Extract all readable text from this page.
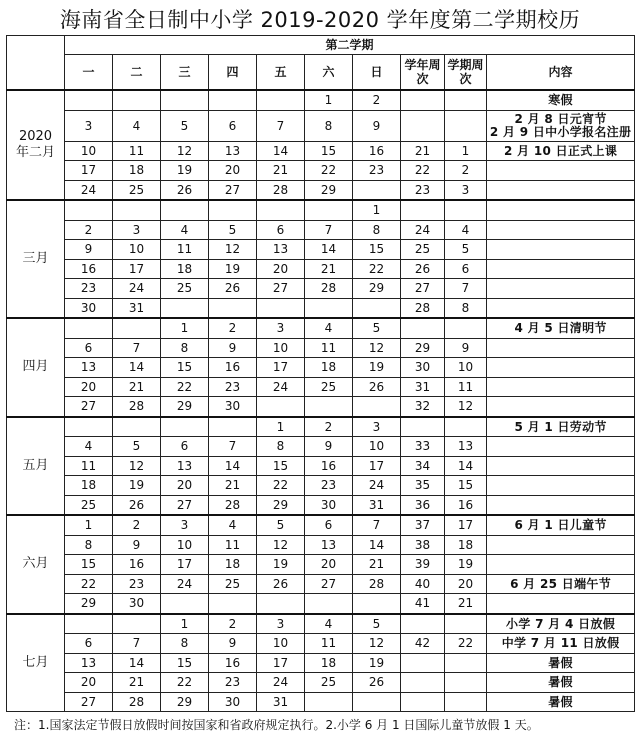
海南省全日制中小学 2019-2020 学年度第二学期校历
	第二学期									
	一	二	三	四	五	六	日	学年周次	学期周次	内容
2020 年二月						1	2			寒假
	3	4	5	6	7	8	9			2 月 8 日元宵节
2 月 9 日中小学报名注册

	10	11	12	13	14	15	16	21	1	2 月 10 日正式上课
	17	18	19	20	21	22	23	22	2	
	24	25	26	27	28	29		23	3	
三月							1			
	2	3	4	5	6	7	8	24	4	
	9	10	11	12	13	14	15	25	5	
	16	17	18	19	20	21	22	26	6	
	23	24	25	26	27	28	29	27	7	
	30	31						28	8	
四月			1	2	3	4	5			4 月 5 日清明节
	6	7	8	9	10	11	12	29	9	
	13	14	15	16	17	18	19	30	10	
	20	21	22	23	24	25	26	31	11	
	27	28	29	30				32	12	
五月					1	2	3			5 月 1 日劳动节
	4	5	6	7	8	9	10	33	13	
	11	12	13	14	15	16	17	34	14	
	18	19	20	21	22	23	24	35	15	
	25	26	27	28	29	30	31	36	16	
六月	1	2	3	4	5	6	7	37	17	6 月 1 日儿童节
	8	9	10	11	12	13	14	38	18	
	15	16	17	18	19	20	21	39	19	
	22	23	24	25	26	27	28	40	20	6 月 25 日端午节
	29	30						41	21	
七月			1	2	3	4	5			小学 7 月 4 日放假
	6	7	8	9	10	11	12	42	22	中学 7 月 11 日放假
	13	14	15	16	17	18	19			暑假
	20	21	22	23	24	25	26			暑假
	27	28	29	30	31					暑假
注：1.国家法定节假日放假时间按国家和省政府规定执行。2.小学 6 月 1 日国际儿童节放假 1 天。
